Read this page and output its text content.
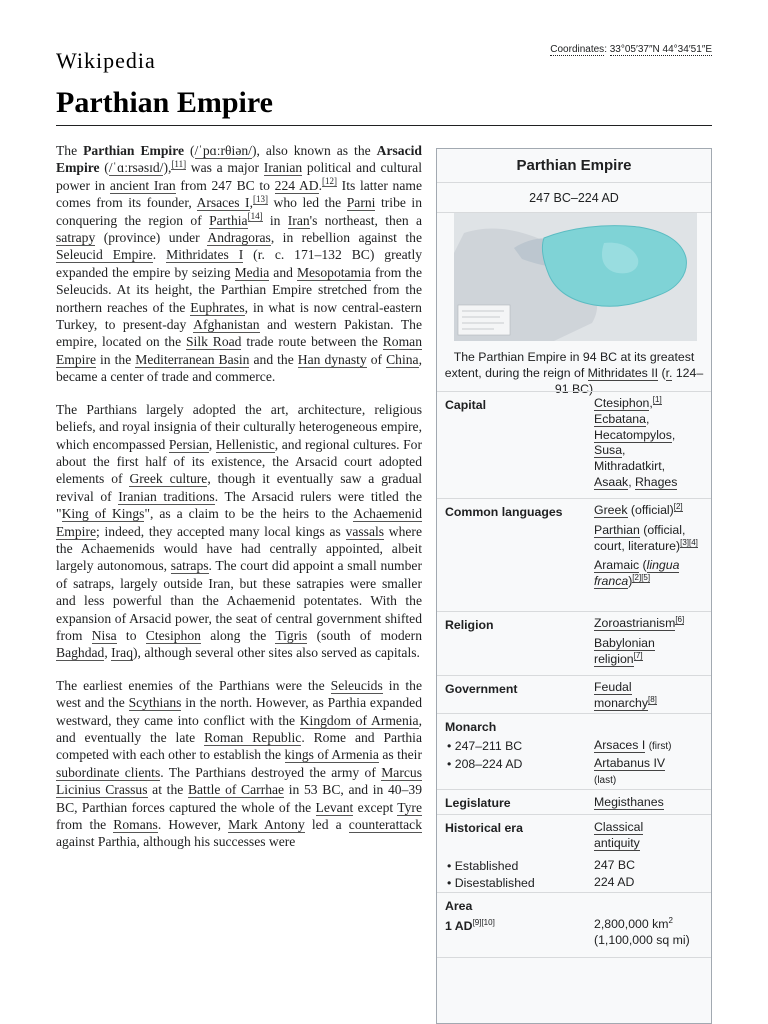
Wikipedia	Coordinates: 33°05′37″N 44°34′51″E
Parthian Empire

The Parthian Empire (/ˈpɑːrθiən/), also known as the Arsacid Empire (/ˈɑːrsəsɪd/),[11] was a major Iranian political and cultural power in ancient Iran from 247 BC to 224 AD.[12] Its latter name comes from its founder, Arsaces I,[13] who led the Parni tribe in conquering the region of Parthia[14] in Iran's northeast, then a satrapy (province) under Andragoras, in rebellion against the Seleucid Empire. Mithridates I (r. c. 171–132 BC) greatly expanded the empire by seizing Media and Mesopotamia from the Seleucids. At its height, the Parthian Empire stretched from the northern reaches of the Euphrates, in what is now central-eastern Turkey, to present-day Afghanistan and western Pakistan. The empire, located on the Silk Road trade route between the Roman Empire in the Mediterranean Basin and the Han dynasty of China, became a center of trade and commerce.

The Parthians largely adopted the art, architecture, religious beliefs, and royal insignia of their culturally heterogeneous empire, which encompassed Persian, Hellenistic, and regional cultures. For about the first half of its existence, the Arsacid court adopted elements of Greek culture, though it eventually saw a gradual revival of Iranian traditions. The Arsacid rulers were titled the "King of Kings", as a claim to be the heirs to the Achaemenid Empire; indeed, they accepted many local kings as vassals where the Achaemenids would have had centrally appointed, albeit largely autonomous, satraps. The court did appoint a small number of satraps, largely outside Iran, but these satrapies were smaller and less powerful than the Achaemenid potentates. With the expansion of Arsacid power, the seat of central government shifted from Nisa to Ctesiphon along the Tigris (south of modern Baghdad, Iraq), although several other sites also served as capitals.

The earliest enemies of the Parthians were the Seleucids in the west and the Scythians in the north. However, as Parthia expanded westward, they came into conflict with the Kingdom of Armenia, and eventually the late Roman Republic. Rome and Parthia competed with each other to establish the kings of Armenia as their subordinate clients. The Parthians destroyed the army of Marcus Licinius Crassus at the Battle of Carrhae in 53 BC, and in 40–39 BC, Parthian forces captured the whole of the Levant except Tyre from the Romans. However, Mark Antony led a counterattack against Parthia, although his successes were

Parthian Empire
247 BC–224 AD
The Parthian Empire in 94 BC at its greatest extent, during the reign of Mithridates II (r. 124–91 BC)
Capital	Ctesiphon,[1]
Ecbatana,
Hecatompylos,
Susa,
Mithradatkirt,
Asaak, Rhages
Common languages	Greek (official)[2]

Parthian (official, court, literature)[3][4]

Aramaic (lingua
franca)[2][5]
Religion	Zoroastrianism[6]

Babylonian
religion[7]
Government	Feudal
monarchy[8]
Monarch
• 247–211 BC	Arsaces I (first)
• 208–224 AD	Artabanus IV
(last)
Legislature	Megisthanes
Historical era	Classical
antiquity
• Established	247 BC
• Disestablished	224 AD
Area
1 AD[9][10]	2,800,000 $km^2$
(1,100,000 sq mi)
